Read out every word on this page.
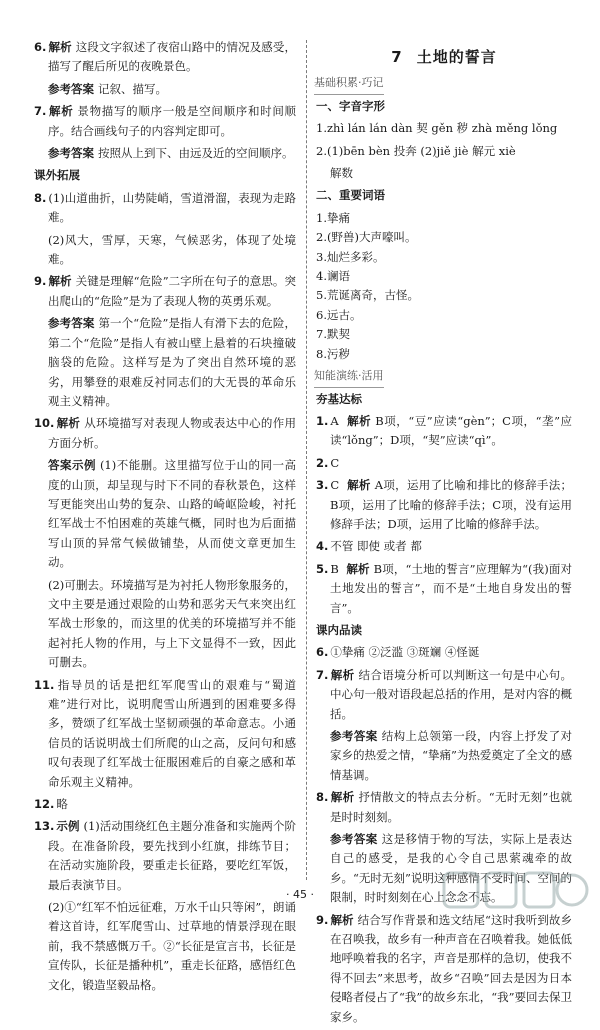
6. 解析 这段文字叙述了夜宿山路中的情况及感受，描写了醒后所见的夜晚景色。
参考答案 记叙、描写。
7. 解析 景物描写的顺序一般是空间顺序和时间顺序。结合画线句子的内容判定即可。
参考答案 按照从上到下、由远及近的空间顺序。
课外拓展
8. (1)山道曲折，山势陡峭，雪道滑溜，表现为走路难。
(2)风大，雪厚，天寒，气候恶劣，体现了处境难。
9. 解析 关键是理解“危险”二字所在句子的意思。突出爬山的“危险”是为了表现人物的英勇乐观。
参考答案 第一个“危险”是指人有滑下去的危险，第二个“危险”是指人有被山壁上悬着的石块撞破脑袋的危险。这样写是为了突出自然环境的恶劣，用攀登的艰难反衬同志们的大无畏的革命乐观主义精神。
10. 解析 从环境描写对表现人物或表达中心的作用方面分析。
答案示例 (1)不能删。这里描写位于山的同一高度的山顶，却呈现与时下不同的春秋景色，这样写更能突出山势的复杂、山路的崎岖险峻，衬托红军战士不怕困难的英雄气概，同时也为后面描写山顶的异常气候做铺垫，从而使文章更加生动。
(2)可删去。环境描写是为衬托人物形象服务的，文中主要是通过艰险的山势和恶劣天气来突出红军战士形象的，而这里的优美的环境描写并不能起衬托人物的作用，与上下文显得不一致，因此可删去。
11. 指导员的话是把红军爬雪山的艰难与“蜀道难”进行对比，说明爬雪山所遇到的困难要多得多，赞颂了红军战士坚韧顽强的革命意志。小通信员的话说明战士们所爬的山之高，反问句和感叹句表现了红军战士征服困难后的自豪之感和革命乐观主义精神。
12. 略
13. 示例 (1)活动围绕红色主题分准备和实施两个阶段。在准备阶段，要先找到小红旗，排练节目；在活动实施阶段，要重走长征路，要吃红军饭，最后表演节目。
(2)①“红军不怕远征难，万水千山只等闲”，朗诵着这首诗，红军爬雪山、过草地的情景浮现在眼前，我不禁感慨万千。②“长征是宣言书，长征是宣传队，长征是播种机”，重走长征路，感悟红色文化，锻造坚毅品格。
7 土地的誓言
基础积累·巧记
一、字音字形
1.zhì lán lán dàn 契 gěn 秽 zhà měng lǒng
2.(1)bēn bèn 投奔 (2)jiě jiè 解元 xiè
解数
二、重要词语
1.挚痛
2.(野兽)大声嚎叫。
3.灿烂多彩。
4.谰语
5.荒诞离奇，古怪。
6.远古。
7.默契
8.污秽
知能演练·活用
夯基达标
1. A 解析 B项，“豆”应读“gèn”；C项，“垄”应读“lǒng”；D项，“契”应读“qì”。
2. C
3. C 解析 A项，运用了比喻和排比的修辞手法；B项，运用了比喻的修辞手法；C项，没有运用修辞手法；D项，运用了比喻的修辞手法。
4. 不管 即使 或者 都
5. B 解析 B项，“土地的誓言”应理解为“(我)面对土地发出的誓言”，而不是“土地自身发出的誓言”。
课内品读
6. ①挚痛 ②泛滥 ③斑斓 ④怪诞
7. 解析 结合语境分析可以判断这一句是中心句。中心句一般对语段起总括的作用，是对内容的概括。
参考答案 结构上总领第一段，内容上抒发了对家乡的热爱之情，“挚痛”为热爱奠定了全文的感情基调。
8. 解析 抒情散文的特点去分析。“无时无刻”也就是时时刻刻。
参考答案 这是移情于物的写法，实际上是表达自己的感受，是我的心令自己思萦魂牵的故乡。“无时无刻”说明这种感情不受时间、空间的限制，时时刻刻在心上念念不忘。
9. 解析 结合写作背景和选文结尾“这时我听到故乡在召唤我，故乡有一种声音在召唤着我。她低低地呼唤着我的名字，声音是那样的急切，使我不得不回去”来思考，故乡“召唤”回去是因为日本侵略者侵占了“我”的故乡东北，“我”要回去保卫家乡。
· 45 ·
